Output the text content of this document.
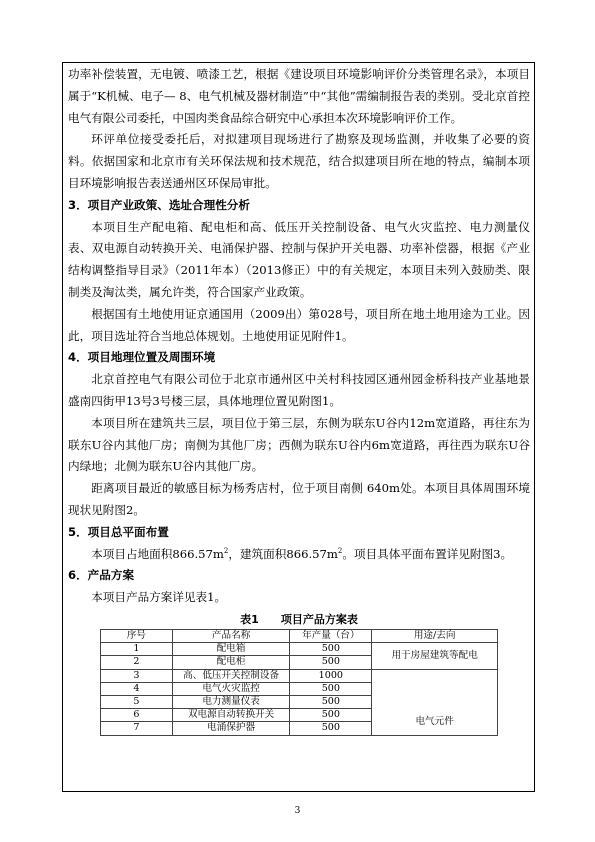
功率补偿装置，无电镀、喷漆工艺，根据《建设项目环境影响评价分类管理名录》，本项目属于“K机械、电子— 8、电气机械及器材制造”中“其他”需编制报告表的类别。受北京首控电气有限公司委托，中国肉类食品综合研究中心承担本次环境影响评价工作。

环评单位接受委托后，对拟建项目现场进行了勘察及现场监测，并收集了必要的资料。依据国家和北京市有关环保法规和技术规范，结合拟建项目所在地的特点，编制本项目环境影响报告表送通州区环保局审批。

3．项目产业政策、选址合理性分析

本项目生产配电箱、配电柜和高、低压开关控制设备、电气火灾监控、电力测量仪表、双电源自动转换开关、电涌保护器、控制与保护开关电器、功率补偿器，根据《产业结构调整指导目录》（2011年本）（2013修正）中的有关规定，本项目未列入鼓励类、限制类及淘汰类，属允许类，符合国家产业政策。

根据国有土地使用证京通国用（2009出）第028号，项目所在地土地用途为工业。因此，项目选址符合当地总体规划。土地使用证见附件1。

4．项目地理位置及周围环境

北京首控电气有限公司位于北京市通州区中关村科技园区通州园金桥科技产业基地景盛南四街甲13号3号楼三层，具体地理位置见附图1。

本项目所在建筑共三层，项目位于第三层，东侧为联东U谷内12m宽道路，再往东为联东U谷内其他厂房；南侧为其他厂房；西侧为联东U谷内6m宽道路，再往西为联东U谷内绿地；北侧为联东U谷内其他厂房。

距离项目最近的敏感目标为杨秀店村，位于项目南侧 640m处。本项目具体周围环境现状见附图2。

5．项目总平面布置

本项目占地面积$866.57m^2$，建筑面积$866.57m^2$。项目具体平面布置详见附图3。

6．产品方案

本项目产品方案详见表1。

表1　　项目产品方案表

序号	产品名称	年产量（台）	用途/去向
1	配电箱	500	用于房屋建筑等配电
2	配电柜	500	
3	高、低压开关控制设备	1000	电气元件
4	电气火灾监控	500	
5	电力测量仪表	500	
6	双电源自动转换开关	500	
7	电涌保护器	500	
3
